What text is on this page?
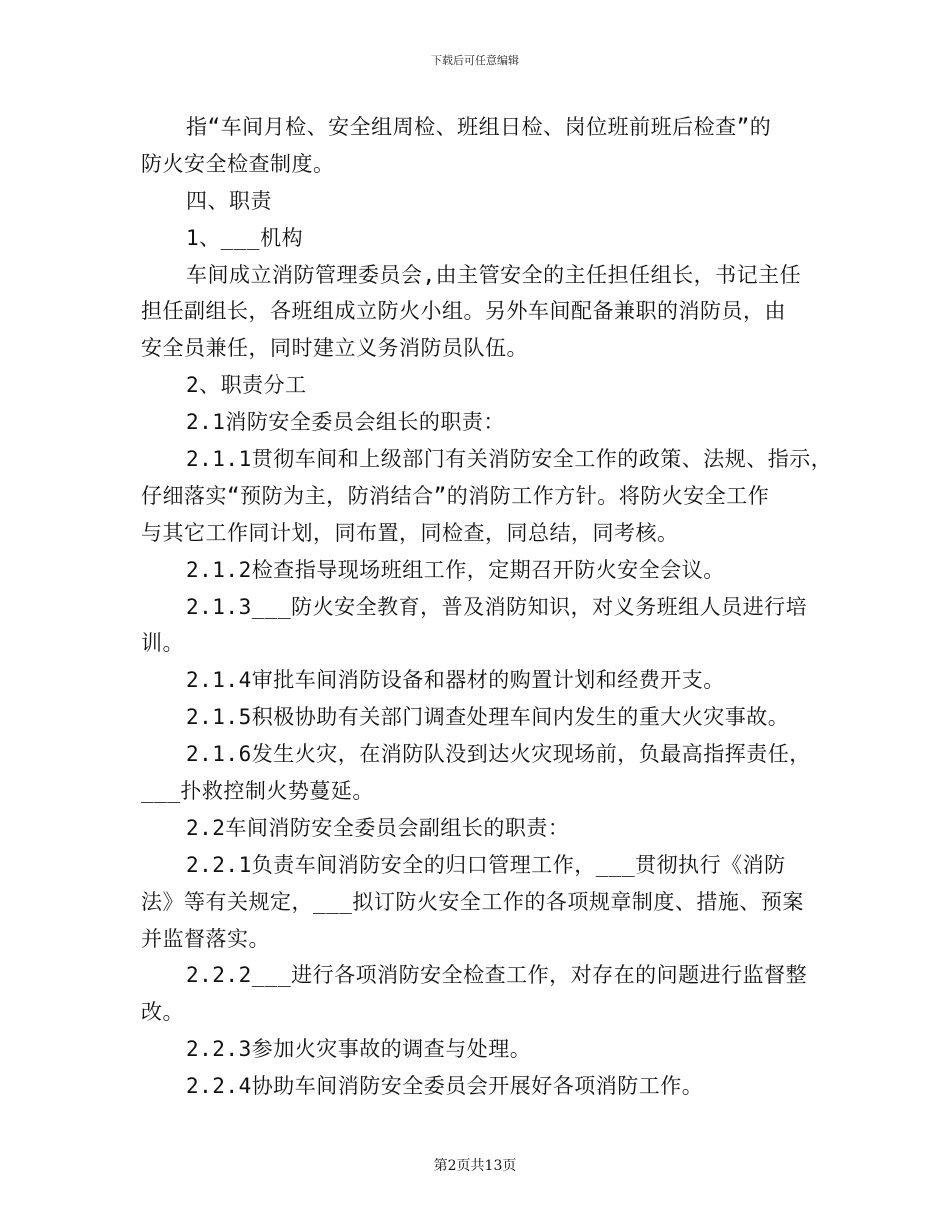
下载后可任意编辑
指“车间月检、安全组周检、班组日检、岗位班前班后检查”的
防火安全检查制度。
四、职责
1、___机构
车间成立消防管理委员会,由主管安全的主任担任组长，书记主任
担任副组长，各班组成立防火小组。另外车间配备兼职的消防员，由
安全员兼任，同时建立义务消防员队伍。
2、职责分工
2.1消防安全委员会组长的职责：
2.1.1贯彻车间和上级部门有关消防安全工作的政策、法规、指示，
仔细落实“预防为主，防消结合”的消防工作方针。将防火安全工作
与其它工作同计划，同布置，同检查，同总结，同考核。
2.1.2检查指导现场班组工作，定期召开防火安全会议。
2.1.3___防火安全教育，普及消防知识，对义务班组人员进行培
训。
2.1.4审批车间消防设备和器材的购置计划和经费开支。
2.1.5积极协助有关部门调查处理车间内发生的重大火灾事故。
2.1.6发生火灾，在消防队没到达火灾现场前，负最高指挥责任，
___扑救控制火势蔓延。
2.2车间消防安全委员会副组长的职责：
2.2.1负责车间消防安全的归口管理工作，___贯彻执行《消防
法》等有关规定，___拟订防火安全工作的各项规章制度、措施、预案
并监督落实。
2.2.2___进行各项消防安全检查工作，对存在的问题进行监督整
改。
2.2.3参加火灾事故的调查与处理。
2.2.4协助车间消防安全委员会开展好各项消防工作。
第2页共13页
